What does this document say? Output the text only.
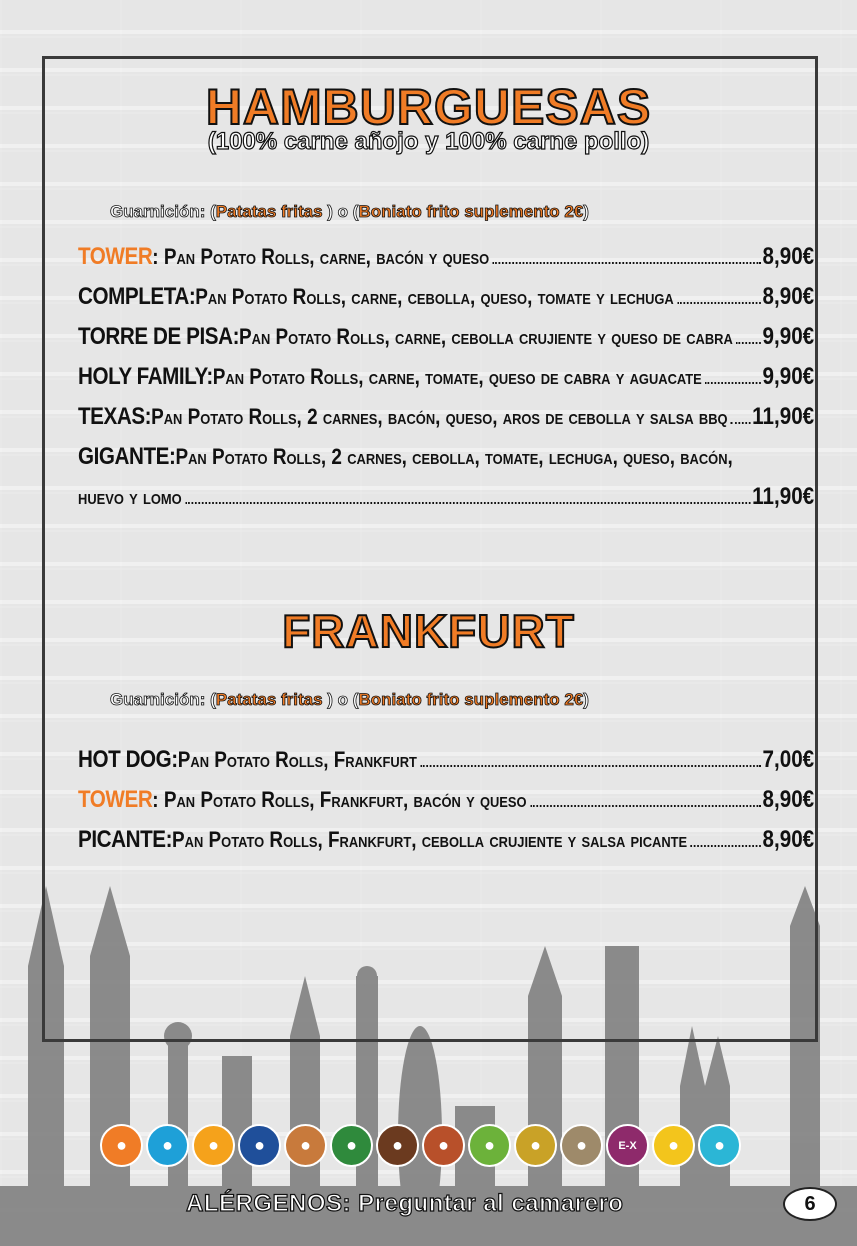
HAMBURGUESAS
(100% carne añojo y 100% carne pollo)
Guarnición: (Patatas fritas ) o (Boniato frito suplemento 2€)
TOWER : Pan Potato Rolls, carne, bacón y queso	8,90€
COMPLETA: Pan Potato Rolls, carne, cebolla, queso, tomate y lechuga	8,90€
TORRE DE PISA: Pan Potato Rolls, carne, cebolla crujiente y queso de cabra 9,90€
HOLY FAMILY: Pan Potato Rolls, carne, tomate, queso de cabra y aguacate	9,90€
TEXAS: Pan Potato Rolls, 2 carnes, bacón, queso, aros de cebolla y salsa bbq 11,90€
GIGANTE: Pan Potato Rolls, 2 carnes, cebolla, tomate, lechuga, queso, bacón,
huevo y lomo	11,90€
FRANKFURT
Guarnición: (Patatas fritas ) o (Boniato frito suplemento 2€)
HOT DOG: Pan Potato Rolls, Frankfurt	7,00€
TOWER : Pan Potato Rolls, Frankfurt, bacón y queso	8,90€
PICANTE: Pan Potato Rolls, Frankfurt, cebolla crujiente y salsa picante	8,90€
●	●	●	●	●	●	●	●	●	●	●	E-X	●	●
ALÉRGENOS: Preguntar al camarero	6
